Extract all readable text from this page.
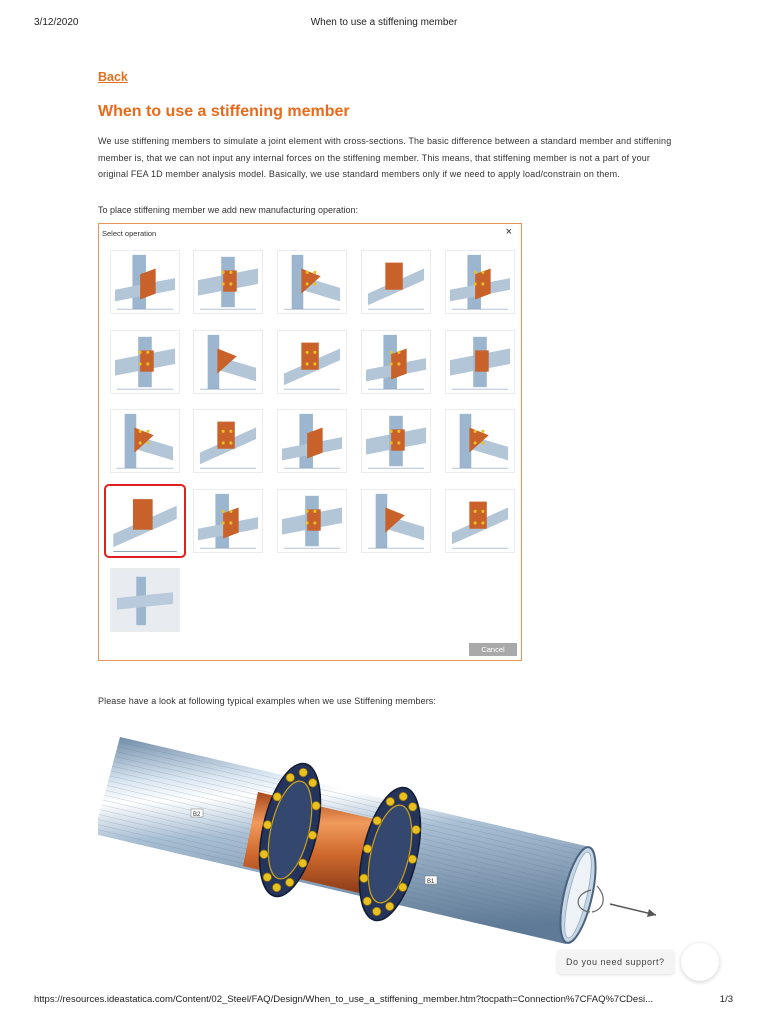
3/12/2020	When to use a stiffening member
Back
When to use a stiffening member

We use stiffening members to simulate a joint element with cross-sections. The basic difference between a standard member and stiffening member is, that we can not input any internal forces on the stiffening member. This means, that stiffening member is not a part of your original FEA 1D member analysis model. Basically, we use standard members only if we need to apply load/constrain on them.

To place stiffening member we add new manufacturing operation:
Select operation	×
Cancel
Please have a look at following typical examples when we use Stiffening members:
B2
B1
Do you need support?
https://resources.ideastatica.com/Content/02_Steel/FAQ/Design/When_to_use_a_stiffening_member.htm?tocpath=Connection%7CFAQ%7CDesi...	1/3
